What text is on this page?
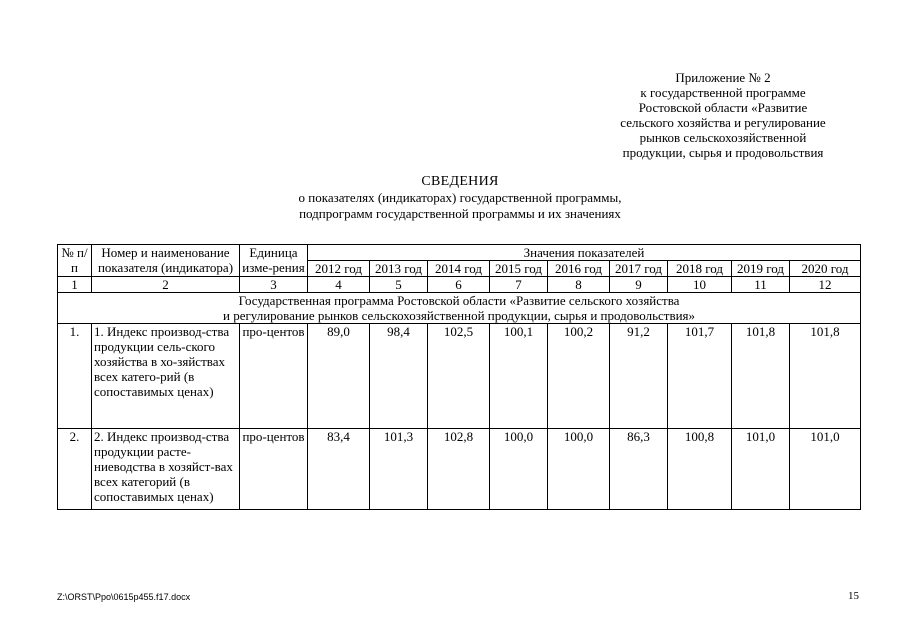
Приложение № 2
к государственной программе
Ростовской области «Развитие
сельского хозяйства и регулирование
рынков сельскохозяйственной
продукции, сырья и продовольствия
СВЕДЕНИЯ
о показателях (индикаторах) государственной программы,
подпрограмм государственной программы и их значениях
№ п/п	Номер и наименование показателя (индикатора)	Единица изме-рения	Значения показателей								
			2012 год	2013 год	2014 год	2015 год	2016 год	2017 год	2018 год	2019 год	2020 год
1	2	3	4	5	6	7	8	9	10	11	12

Государственная программа Ростовской области «Развитие сельского хозяйства
и регулирование рынков сельскохозяйственной продукции, сырья и продовольствия»											

1.	1. Индекс производ-ства продукции сель-ского хозяйства в хо-зяйствах всех катего-рий (в сопоставимых ценах)	про-центов	89,0	98,4	102,5	100,1	100,2	91,2	101,7	101,8	101,8
2.	2. Индекс производ-ства продукции расте-ниеводства в хозяйст-вах всех категорий (в сопоставимых ценах)	про-центов	83,4	101,3	102,8	100,0	100,0	86,3	100,8	101,0	101,0
Z:\ORST\Ppo\0615p455.f17.docx	15
